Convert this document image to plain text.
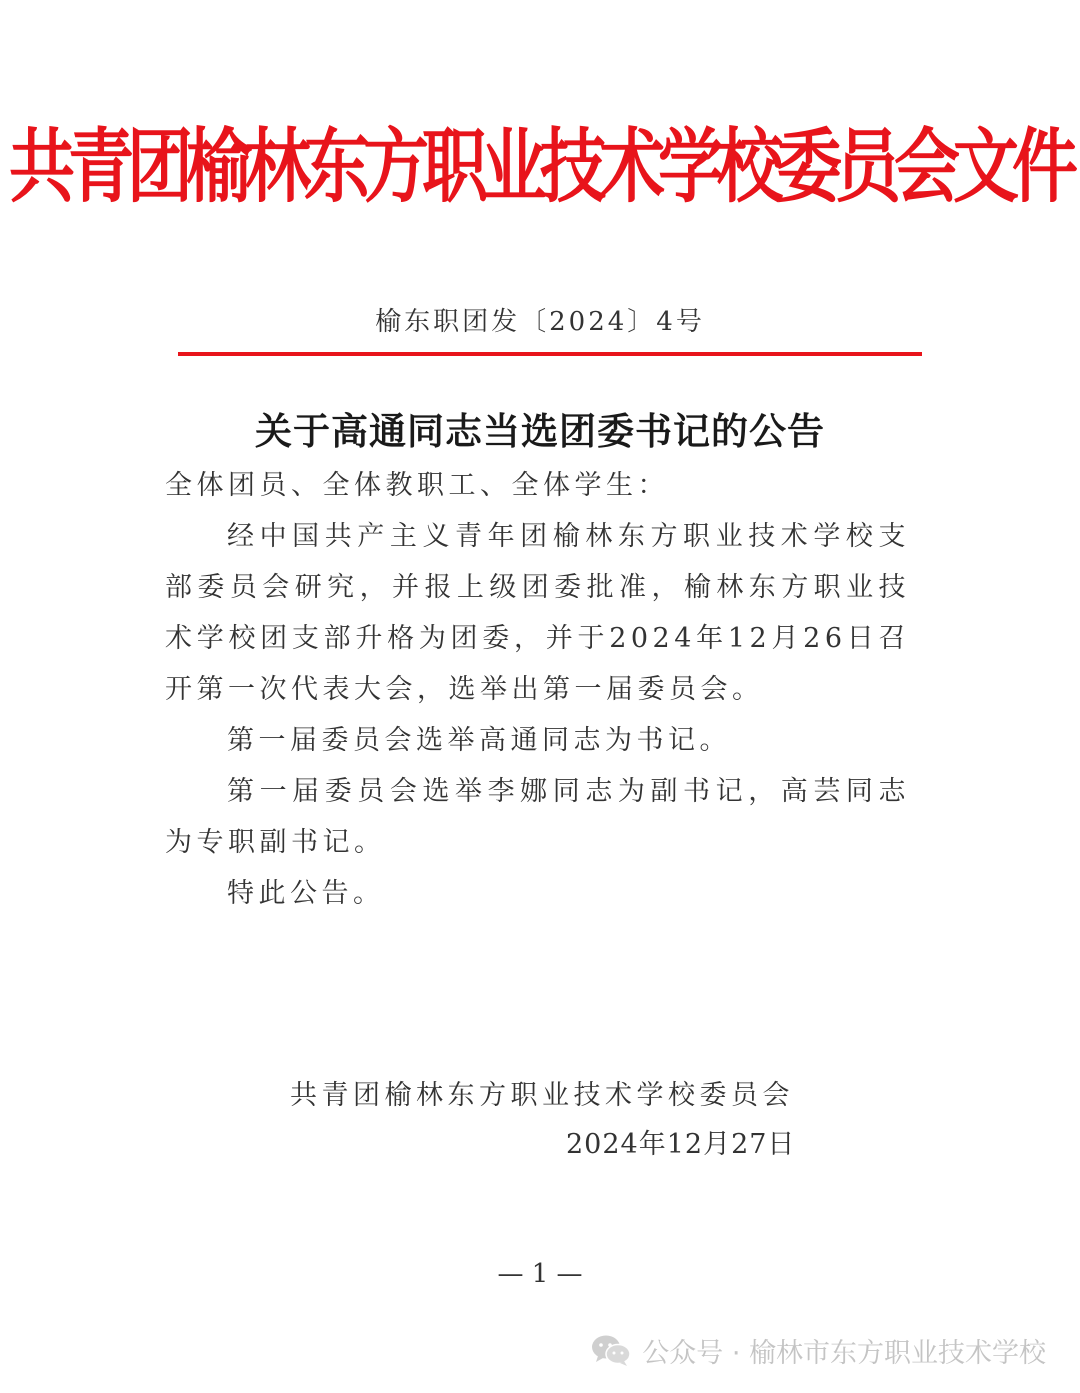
共青团榆林东方职业技术学校委员会文件
榆东职团发〔2024〕4号
关于高通同志当选团委书记的公告

全体团员、全体教职工、全体学生：

经中国共产主义青年团榆林东方职业技术学校支部委员会研究，并报上级团委批准，榆林东方职业技术学校团支部升格为团委，并于2024年12月26日召开第一次代表大会，选举出第一届委员会。

第一届委员会选举高通同志为书记。

第一届委员会选举李娜同志为副书记，高芸同志为专职副书记。

特此公告。

共青团榆林东方职业技术学校委员会
2024年12月27日
— 1 —
公众号 · 榆林市东方职业技术学校
